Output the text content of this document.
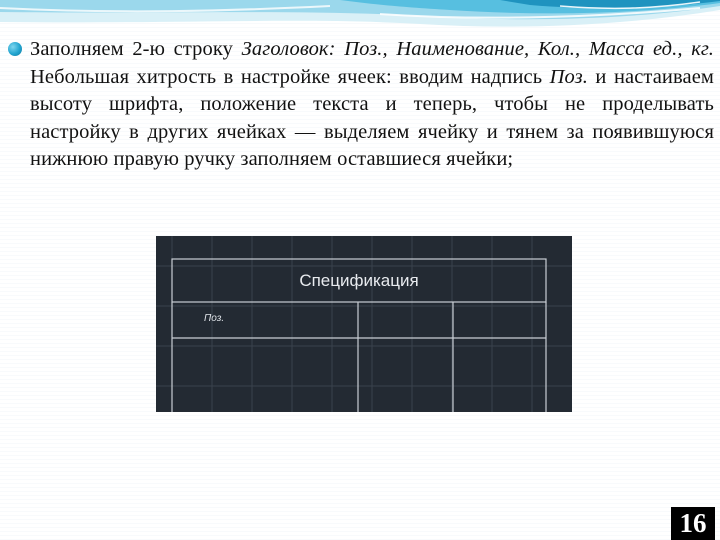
Заполняем 2-ю строку Заголовок: Поз., Наименование, Кол., Масса ед., кг. Небольшая хитрость в настройке ячеек: вводим надпись Поз. и настаиваем высоту шрифта, положение текста и теперь, чтобы не проделывать настройку в других ячейках — выделяем ячейку и тянем за появившуюся нижнюю правую ручку заполняем оставшиеся ячейки;
Спецификация
Поз.
16
